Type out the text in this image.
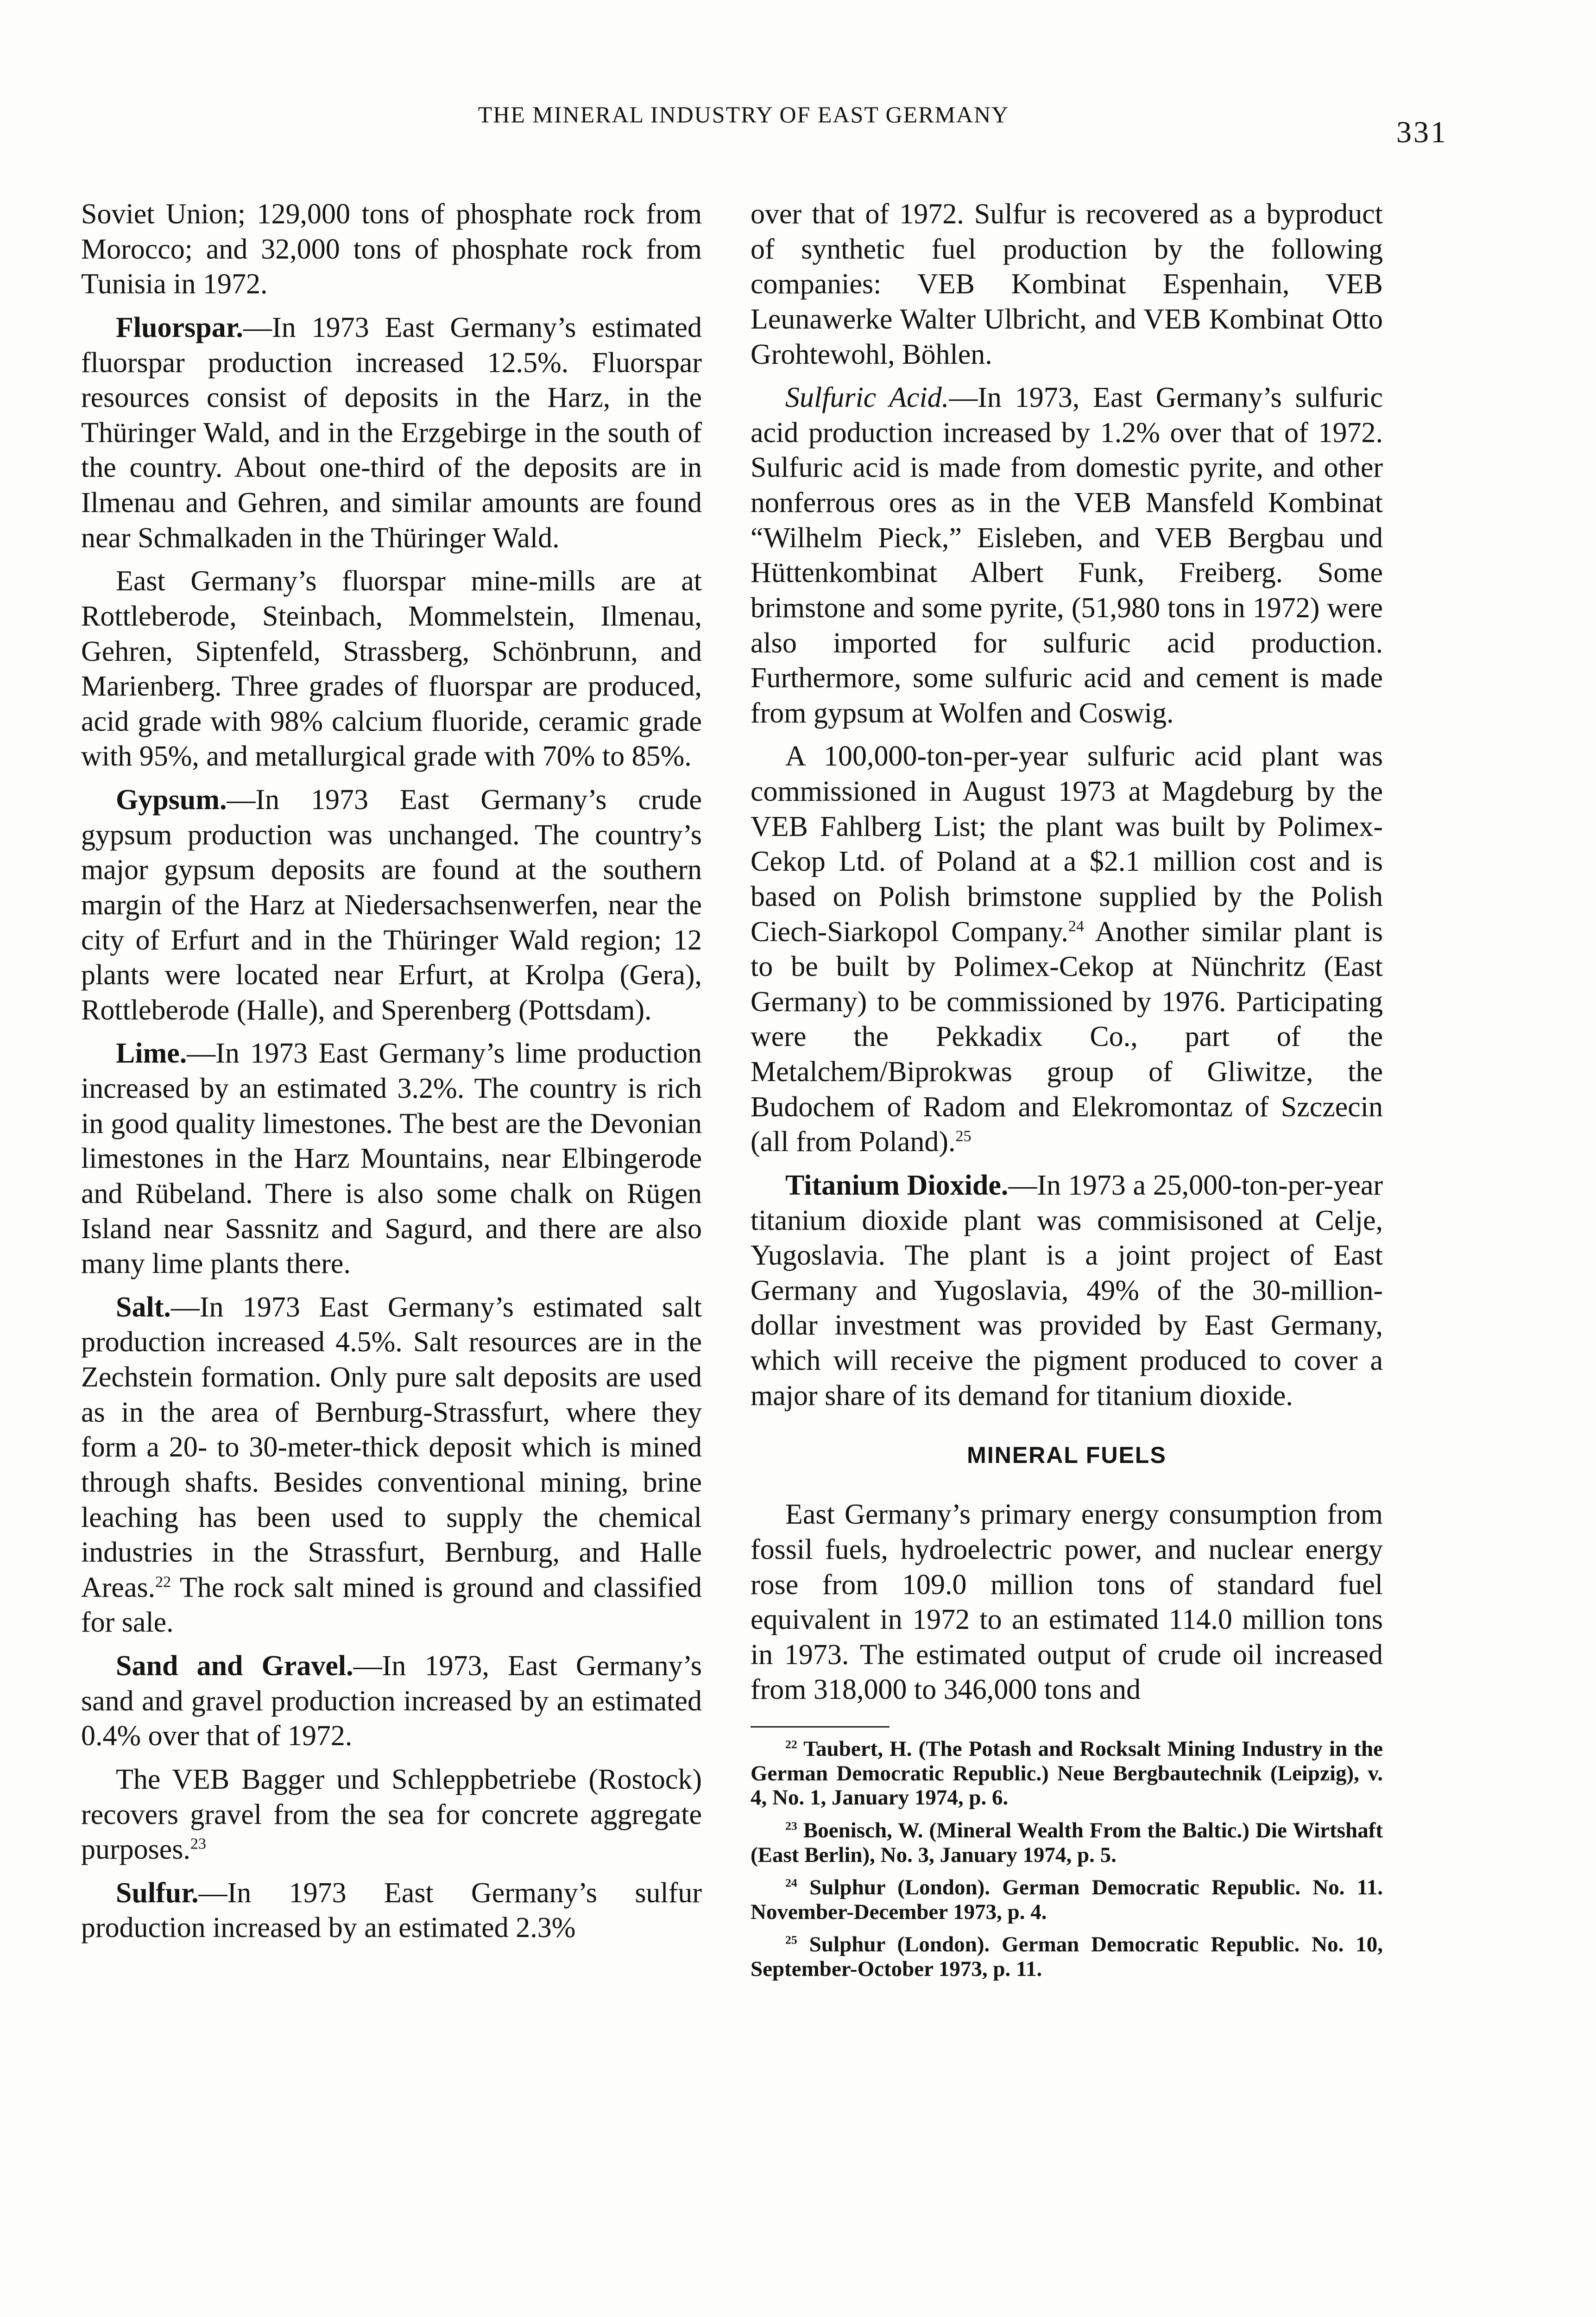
THE MINERAL INDUSTRY OF EAST GERMANY
331

Soviet Union; 129,000 tons of phosphate rock from Morocco; and 32,000 tons of phosphate rock from Tunisia in 1972.

Fluorspar.—In 1973 East Germany’s estimated fluorspar production increased 12.5%. Fluorspar resources consist of deposits in the Harz, in the Thüringer Wald, and in the Erzgebirge in the south of the country. About one-third of the deposits are in Ilmenau and Gehren, and similar amounts are found near Schmalkaden in the Thüringer Wald.

East Germany’s fluorspar mine-mills are at Rottleberode, Steinbach, Mommelstein, Ilmenau, Gehren, Siptenfeld, Strassberg, Schönbrunn, and Marienberg. Three grades of fluorspar are produced, acid grade with 98% calcium fluoride, ceramic grade with 95%, and metallurgical grade with 70% to 85%.

Gypsum.—In 1973 East Germany’s crude gypsum production was unchanged. The country’s major gypsum deposits are found at the southern margin of the Harz at Niedersachsenwerfen, near the city of Erfurt and in the Thüringer Wald region; 12 plants were located near Erfurt, at Krolpa (Gera), Rottleberode (Halle), and Sperenberg (Pottsdam).

Lime.—In 1973 East Germany’s lime production increased by an estimated 3.2%. The country is rich in good quality limestones. The best are the Devonian limestones in the Harz Mountains, near Elbingerode and Rübeland. There is also some chalk on Rügen Island near Sassnitz and Sagurd, and there are also many lime plants there.

Salt.—In 1973 East Germany’s estimated salt production increased 4.5%. Salt resources are in the Zechstein formation. Only pure salt deposits are used as in the area of Bernburg-Strassfurt, where they form a 20- to 30-meter-thick deposit which is mined through shafts. Besides conventional mining, brine leaching has been used to supply the chemical industries in the Strassfurt, Bernburg, and Halle Areas.$^{22}$ The rock salt mined is ground and classified for sale.

Sand and Gravel.—In 1973, East Germany’s sand and gravel production increased by an estimated 0.4% over that of 1972.

The VEB Bagger und Schleppbetriebe (Rostock) recovers gravel from the sea for concrete aggregate purposes.$^{23}$

Sulfur.—In 1973 East Germany’s sulfur production increased by an estimated 2.3%

over that of 1972. Sulfur is recovered as a byproduct of synthetic fuel production by the following companies: VEB Kombinat Espenhain, VEB Leunawerke Walter Ulbricht, and VEB Kombinat Otto Grohtewohl, Böhlen.

Sulfuric Acid.—In 1973, East Germany’s sulfuric acid production increased by 1.2% over that of 1972. Sulfuric acid is made from domestic pyrite, and other nonferrous ores as in the VEB Mansfeld Kombinat “Wilhelm Pieck,” Eisleben, and VEB Bergbau und Hüttenkombinat Albert Funk, Freiberg. Some brimstone and some pyrite, (51,980 tons in 1972) were also imported for sulfuric acid production. Furthermore, some sulfuric acid and cement is made from gypsum at Wolfen and Coswig.

A 100,000-ton-per-year sulfuric acid plant was commissioned in August 1973 at Magdeburg by the VEB Fahlberg List; the plant was built by Polimex-Cekop Ltd. of Poland at a $2.1 million cost and is based on Polish brimstone supplied by the Polish Ciech-Siarkopol Company.$^{24}$ Another similar plant is to be built by Polimex-Cekop at Nünchritz (East Germany) to be commissioned by 1976. Participating were the Pekkadix Co., part of the Metalchem/Biprokwas group of Gliwitze, the Budochem of Radom and Elekromontaz of Szczecin (all from Poland).$^{25}$

Titanium Dioxide.—In 1973 a 25,000-ton-per-year titanium dioxide plant was commisisoned at Celje, Yugoslavia. The plant is a joint project of East Germany and Yugoslavia, 49% of the 30-million-dollar investment was provided by East Germany, which will receive the pigment produced to cover a major share of its demand for titanium dioxide.

MINERAL FUELS

East Germany’s primary energy consumption from fossil fuels, hydroelectric power, and nuclear energy rose from 109.0 million tons of standard fuel equivalent in 1972 to an estimated 114.0 million tons in 1973. The estimated output of crude oil increased from 318,000 to 346,000 tons and

$^{22}$ Taubert, H. (The Potash and Rocksalt Mining Industry in the German Democratic Republic.) Neue Bergbautechnik (Leipzig), v. 4, No. 1, January 1974, p. 6.

$^{23}$ Boenisch, W. (Mineral Wealth From the Baltic.) Die Wirtshaft (East Berlin), No. 3, January 1974, p. 5.

$^{24}$ Sulphur (London). German Democratic Republic. No. 11. November-December 1973, p. 4.

$^{25}$ Sulphur (London). German Democratic Republic. No. 10, September-October 1973, p. 11.
